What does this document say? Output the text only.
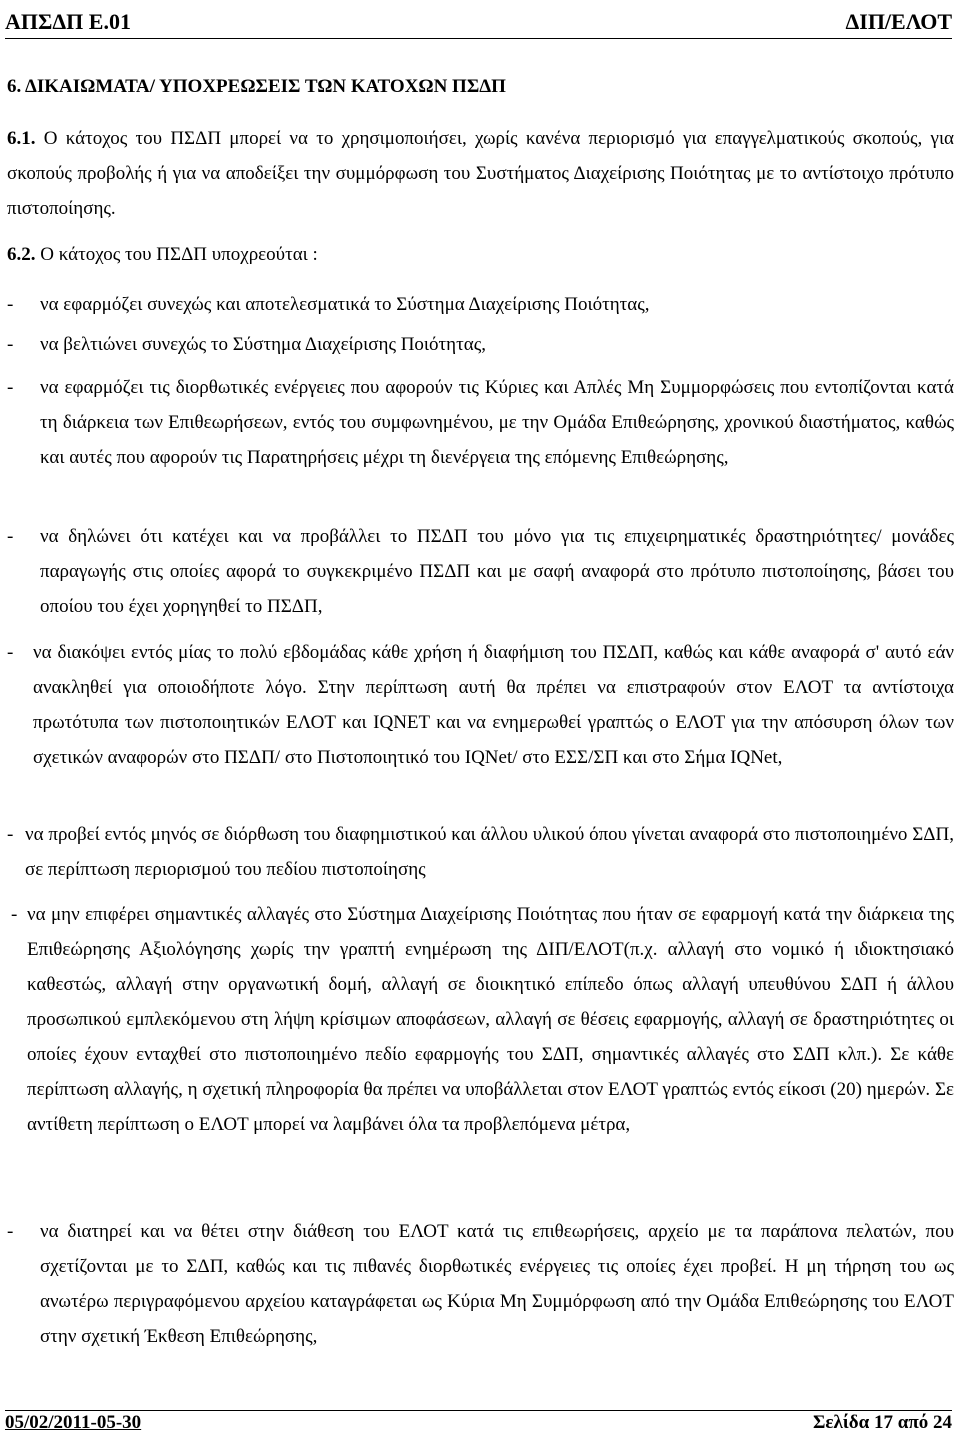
ΑΠΣΔΠ Ε.01	ΔΙΠ/ΕΛΟΤ
6. ΔΙΚΑΙΩΜΑΤΑ/ ΥΠΟΧΡΕΩΣΕΙΣ ΤΩΝ ΚΑΤΟΧΩΝ ΠΣΔΠ
6.1. Ο κάτοχος του ΠΣΔΠ μπορεί να το χρησιμοποιήσει, χωρίς κανένα περιορισμό για επαγγελματικούς σκοπούς, για σκοπούς προβολής ή για να αποδείξει την συμμόρφωση του Συστήματος Διαχείρισης Ποιότητας με το αντίστοιχο πρότυπο πιστοποίησης.
6.2. Ο κάτοχος του ΠΣΔΠ υποχρεούται :
- να εφαρμόζει συνεχώς και αποτελεσματικά το Σύστημα Διαχείρισης Ποιότητας,
- να βελτιώνει συνεχώς το Σύστημα Διαχείρισης Ποιότητας,
- να εφαρμόζει τις διορθωτικές ενέργειες που αφορούν τις Κύριες και Απλές Μη Συμμορφώσεις που εντοπίζονται κατά τη διάρκεια των Επιθεωρήσεων, εντός του συμφωνημένου, με την Ομάδα Επιθεώρησης, χρονικού διαστήματος, καθώς και αυτές που αφορούν τις Παρατηρήσεις μέχρι τη διενέργεια της επόμενης Επιθεώρησης,
- να δηλώνει ότι κατέχει και να προβάλλει το ΠΣΔΠ του μόνο για τις επιχειρηματικές δραστηριότητες/ μονάδες παραγωγής στις οποίες αφορά το συγκεκριμένο ΠΣΔΠ και με σαφή αναφορά στο πρότυπο πιστοποίησης, βάσει του οποίου του έχει χορηγηθεί το ΠΣΔΠ,
- να διακόψει εντός μίας το πολύ εβδομάδας κάθε χρήση ή διαφήμιση του ΠΣΔΠ, καθώς και κάθε αναφορά σ' αυτό εάν ανακληθεί για οποιοδήποτε λόγο. Στην περίπτωση αυτή θα πρέπει να επιστραφούν στον ΕΛΟΤ τα αντίστοιχα πρωτότυπα των πιστοποιητικών ΕΛΟΤ και IQNET και να ενημερωθεί γραπτώς ο ΕΛΟΤ για την απόσυρση όλων των σχετικών αναφορών στο ΠΣΔΠ/ στο Πιστοποιητικό του IQNet/ στο ΕΣΣ/ΣΠ και στο Σήμα IQNet,
- να προβεί εντός μηνός σε διόρθωση του διαφημιστικού και άλλου υλικού όπου γίνεται αναφορά στο πιστοποιημένο ΣΔΠ, σε περίπτωση περιορισμού του πεδίου πιστοποίησης
- να μην επιφέρει σημαντικές αλλαγές στο Σύστημα Διαχείρισης Ποιότητας που ήταν σε εφαρμογή κατά την διάρκεια της Επιθεώρησης Αξιολόγησης χωρίς την γραπτή ενημέρωση της ΔΙΠ/ΕΛΟΤ(π.χ. αλλαγή στο νομικό ή ιδιοκτησιακό καθεστώς, αλλαγή στην οργανωτική δομή, αλλαγή σε διοικητικό επίπεδο όπως αλλαγή υπευθύνου ΣΔΠ ή άλλου προσωπικού εμπλεκόμενου στη λήψη κρίσιμων αποφάσεων, αλλαγή σε θέσεις εφαρμογής, αλλαγή σε δραστηριότητες οι οποίες έχουν ενταχθεί στο πιστοποιημένο πεδίο εφαρμογής του ΣΔΠ, σημαντικές αλλαγές στο ΣΔΠ κλπ.). Σε κάθε περίπτωση αλλαγής, η σχετική πληροφορία θα πρέπει να υποβάλλεται στον ΕΛΟΤ γραπτώς εντός είκοσι (20) ημερών. Σε αντίθετη περίπτωση ο ΕΛΟΤ μπορεί να λαμβάνει όλα τα προβλεπόμενα μέτρα,
- να διατηρεί και να θέτει στην διάθεση του ΕΛΟΤ κατά τις επιθεωρήσεις, αρχείο με τα παράπονα πελατών, που σχετίζονται με το ΣΔΠ, καθώς και τις πιθανές διορθωτικές ενέργειες τις οποίες έχει προβεί. Η μη τήρηση του ως ανωτέρω περιγραφόμενου αρχείου καταγράφεται ως Κύρια Μη Συμμόρφωση από την Ομάδα Επιθεώρησης του ΕΛΟΤ στην σχετική Έκθεση Επιθεώρησης,
05/02/2011-05-30	Σελίδα 17 από 24
